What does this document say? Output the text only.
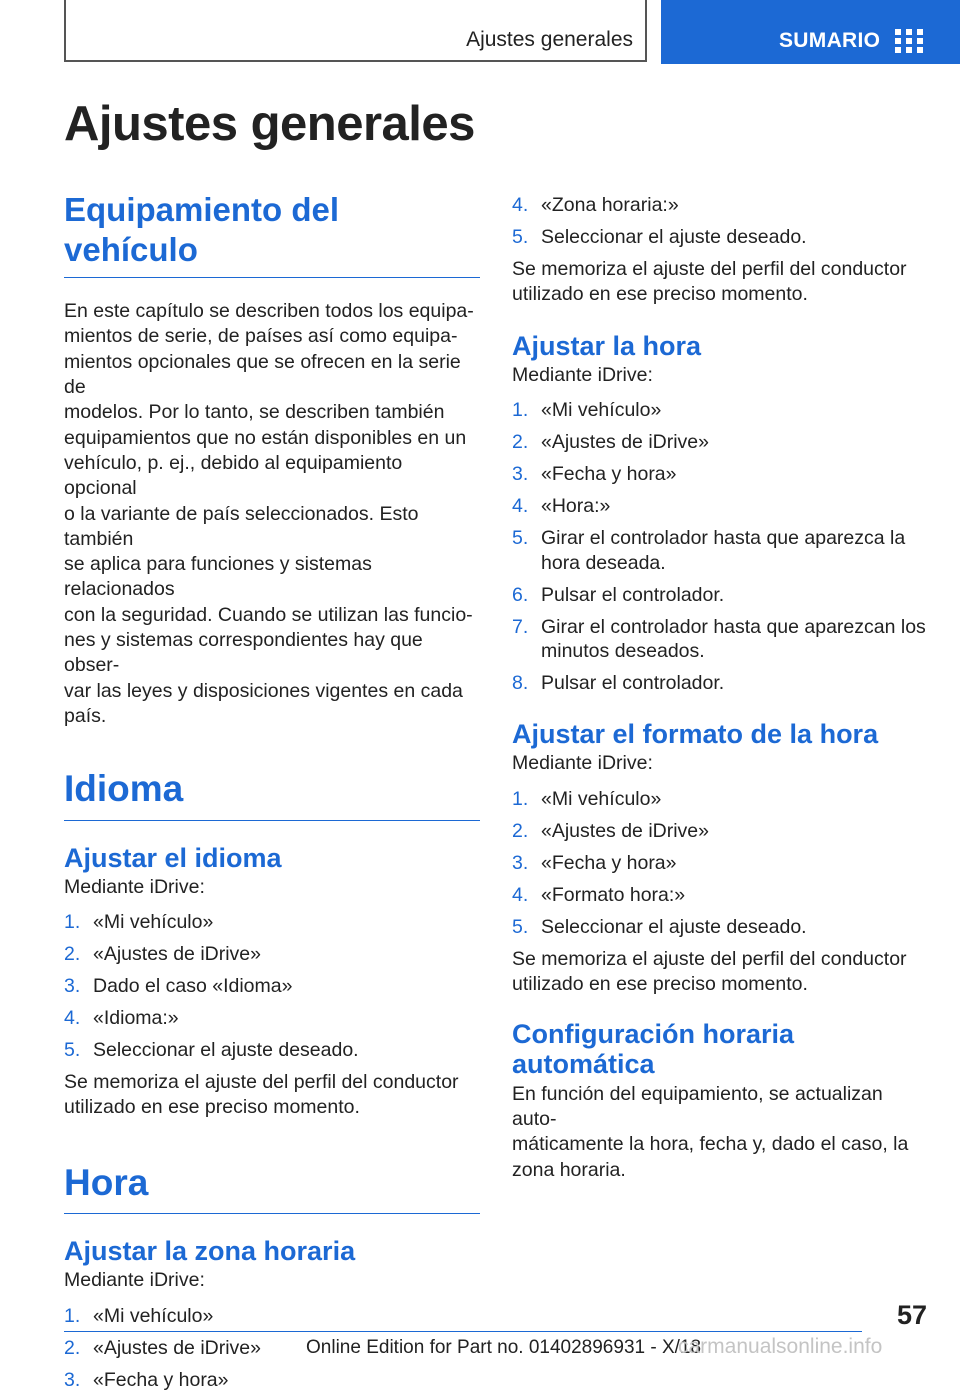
Ajustes generales	SUMARIO
Ajustes generales
Equipamiento del vehículo

En este capítulo se describen todos los equipa-
mientos de serie, de países así como equipa-
mientos opcionales que se ofrecen en la serie de
modelos. Por lo tanto, se describen también
equipamientos que no están disponibles en un
vehículo, p. ej., debido al equipamiento opcional
o la variante de país seleccionados. Esto también
se aplica para funciones y sistemas relacionados
con la seguridad. Cuando se utilizan las funcio-
nes y sistemas correspondientes hay que obser-
var las leyes y disposiciones vigentes en cada
país.

Idioma
Ajustar el idioma

Mediante iDrive:

1. «Mi vehículo»
2. «Ajustes de iDrive»
3. Dado el caso «Idioma»
4. «Idioma:»
5. Seleccionar el ajuste deseado.

Se memoriza el ajuste del perfil del conductor
utilizado en ese preciso momento.

Hora
Ajustar la zona horaria

Mediante iDrive:

1. «Mi vehículo»
2. «Ajustes de iDrive»
3. «Fecha y hora»
4. «Zona horaria:»
5. Seleccionar el ajuste deseado.

Se memoriza el ajuste del perfil del conductor
utilizado en ese preciso momento.

Ajustar la hora

Mediante iDrive:

1. «Mi vehículo»
2. «Ajustes de iDrive»
3. «Fecha y hora»
4. «Hora:»
5. Girar el controlador hasta que aparezca la hora deseada.
6. Pulsar el controlador.
7. Girar el controlador hasta que aparezcan los minutos deseados.
8. Pulsar el controlador.
Ajustar el formato de la hora

Mediante iDrive:

1. «Mi vehículo»
2. «Ajustes de iDrive»
3. «Fecha y hora»
4. «Formato hora:»
5. Seleccionar el ajuste deseado.

Se memoriza el ajuste del perfil del conductor
utilizado en ese preciso momento.

Configuración horaria
automática

En función del equipamiento, se actualizan auto-
máticamente la hora, fecha y, dado el caso, la
zona horaria.

57
Online Edition for Part no. 01402896931 - X/18
carmanualsonline.info
